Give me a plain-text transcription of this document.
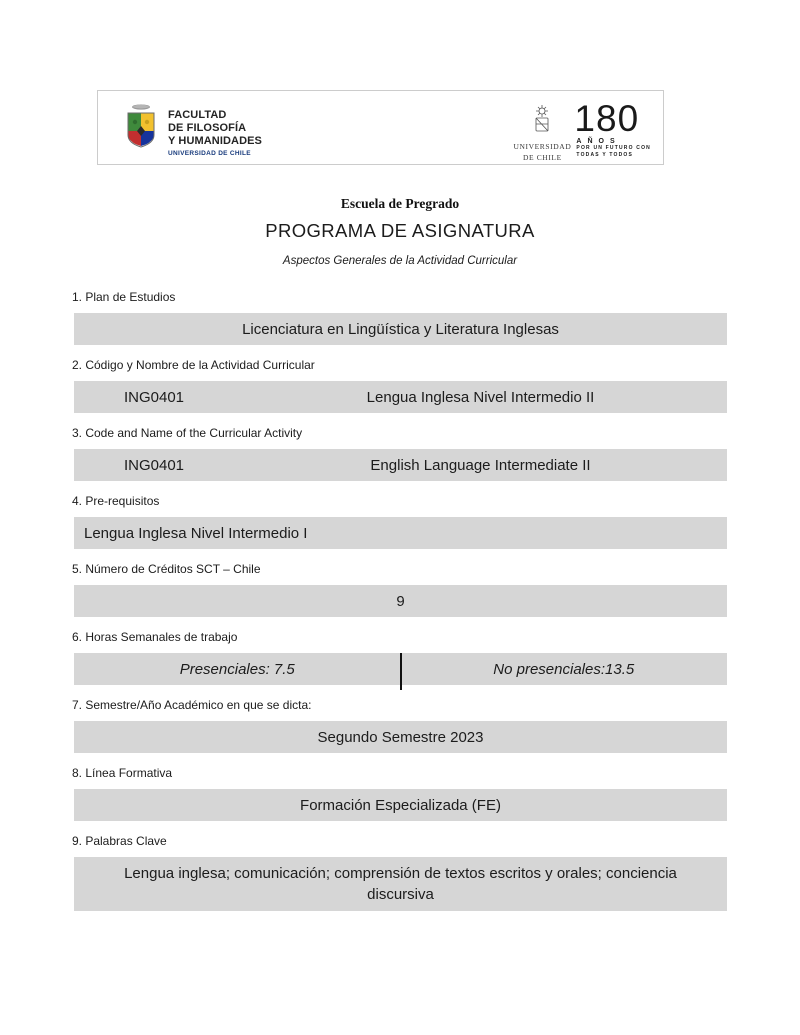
FACULTAD
DE FILOSOFÍA
Y HUMANIDADES
UNIVERSIDAD DE CHILE
UNIVERSIDAD
DE CHILE
180
AÑOS
POR UN FUTURO CON
TODAS Y TODOS
Escuela de Pregrado
PROGRAMA DE ASIGNATURA
Aspectos Generales de la Actividad Curricular
1. Plan de Estudios
Licenciatura en Lingüística y Literatura Inglesas
2. Código y Nombre de la Actividad Curricular
ING0401	Lengua Inglesa Nivel Intermedio II
3. Code and Name of the Curricular Activity
ING0401	English Language Intermediate II
4. Pre-requisitos
Lengua Inglesa Nivel Intermedio I
5. Número de Créditos SCT – Chile
9
6. Horas Semanales de trabajo
Presenciales: 7.5	No presenciales:13.5
7. Semestre/Año Académico en que se dicta:
Segundo Semestre 2023
8. Línea Formativa
Formación Especializada (FE)
9. Palabras Clave
Lengua inglesa; comunicación; comprensión de textos escritos y orales; conciencia discursiva
